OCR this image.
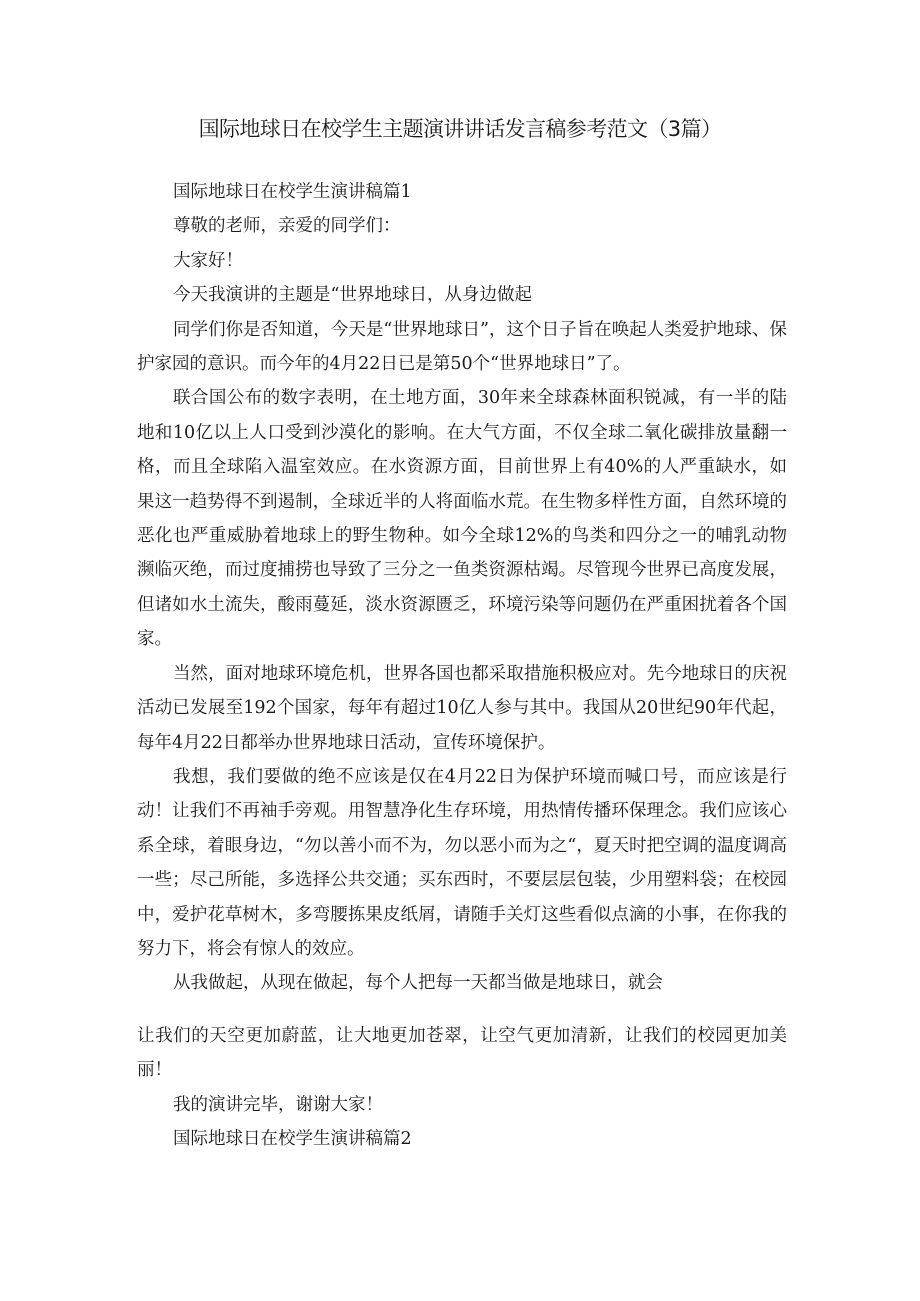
国际地球日在校学生主题演讲讲话发言稿参考范文（3篇）

国际地球日在校学生演讲稿篇1

尊敬的老师，亲爱的同学们：

大家好！

今天我演讲的主题是“世界地球日，从身边做起

同学们你是否知道，今天是“世界地球日”，这个日子旨在唤起人类爱护地球、保护家园的意识。而今年的4月22日已是第50个“世界地球日”了。

联合国公布的数字表明，在土地方面，30年来全球森林面积锐减，有一半的陆地和10亿以上人口受到沙漠化的影响。在大气方面，不仅全球二氧化碳排放量翻一格，而且全球陷入温室效应。在水资源方面，目前世界上有40%的人严重缺水，如果这一趋势得不到遏制，全球近半的人将面临水荒。在生物多样性方面，自然环境的恶化也严重威胁着地球上的野生物种。如今全球12%的鸟类和四分之一的哺乳动物濒临灭绝，而过度捕捞也导致了三分之一鱼类资源枯竭。尽管现今世界已高度发展，但诸如水土流失，酸雨蔓延，淡水资源匮乏，环境污染等问题仍在严重困扰着各个国家。

当然，面对地球环境危机，世界各国也都采取措施积极应对。先今地球日的庆祝活动已发展至192个国家，每年有超过10亿人参与其中。我国从20世纪90年代起，每年4月22日都举办世界地球日活动，宣传环境保护。

我想，我们要做的绝不应该是仅在4月22日为保护环境而喊口号，而应该是行动！让我们不再袖手旁观。用智慧净化生存环境，用热情传播环保理念。我们应该心系全球，着眼身边，“勿以善小而不为，勿以恶小而为之“，夏天时把空调的温度调高一些；尽己所能，多选择公共交通；买东西时，不要层层包装，少用塑料袋；在校园中，爱护花草树木，多弯腰拣果皮纸屑，请随手关灯这些看似点滴的小事，在你我的努力下，将会有惊人的效应。

从我做起，从现在做起，每个人把每一天都当做是地球日，就会

让我们的天空更加蔚蓝，让大地更加苍翠，让空气更加清新，让我们的校园更加美丽！

我的演讲完毕，谢谢大家！

国际地球日在校学生演讲稿篇2
